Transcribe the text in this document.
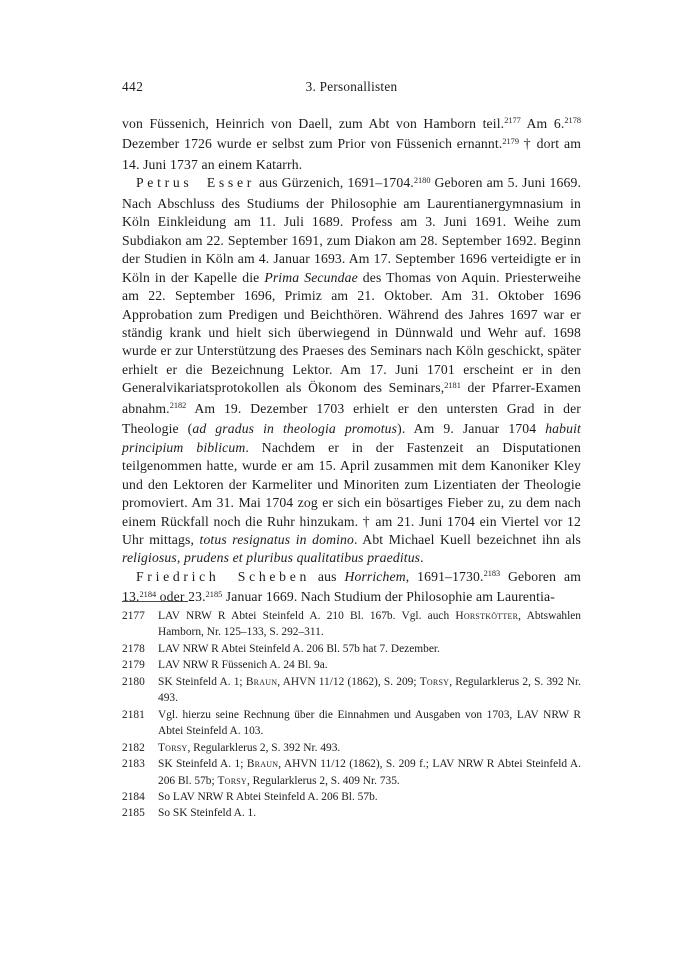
442	3. Personallisten

von Füssenich, Heinrich von Daell, zum Abt von Hamborn teil.$^{2177}$ Am 6.$^{2178}$ Dezember 1726 wurde er selbst zum Prior von Füssenich ernannt.$^{2179}$ † dort am 14. Juni 1737 an einem Katarrh.

Petrus Esser aus Gürzenich, 1691–1704.$^{2180}$ Geboren am 5. Juni 1669. Nach Abschluss des Studiums der Philosophie am Laurentianergymnasium in Köln Einkleidung am 11. Juli 1689. Profess am 3. Juni 1691. Weihe zum Subdiakon am 22. September 1691, zum Diakon am 28. September 1692. Beginn der Studien in Köln am 4. Januar 1693. Am 17. September 1696 verteidigte er in Köln in der Kapelle die Prima Secundae des Thomas von Aquin. Priesterweihe am 22. September 1696, Primiz am 21. Oktober. Am 31. Oktober 1696 Approbation zum Predigen und Beichthören. Während des Jahres 1697 war er ständig krank und hielt sich überwiegend in Dünnwald und Wehr auf. 1698 wurde er zur Unterstützung des Praeses des Seminars nach Köln geschickt, später erhielt er die Bezeichnung Lektor. Am 17. Juni 1701 erscheint er in den Generalvikariatsprotokollen als Ökonom des Seminars,$^{2181}$ der Pfarrer-Examen abnahm.$^{2182}$ Am 19. Dezember 1703 erhielt er den untersten Grad in der Theologie (ad gradus in theologia promotus). Am 9. Januar 1704 habuit principium biblicum. Nachdem er in der Fastenzeit an Disputationen teilgenommen hatte, wurde er am 15. April zusammen mit dem Kanoniker Kley und den Lektoren der Karmeliter und Minoriten zum Lizentiaten der Theologie promoviert. Am 31. Mai 1704 zog er sich ein bösartiges Fieber zu, zu dem nach einem Rückfall noch die Ruhr hinzukam. † am 21. Juni 1704 ein Viertel vor 12 Uhr mittags, totus resignatus in domino. Abt Michael Kuell bezeichnet ihn als religiosus, prudens et pluribus qualitatibus praeditus.

Friedrich Scheben aus Horrichem, 1691–1730.$^{2183}$ Geboren am 13.$^{2184}$ oder 23.$^{2185}$ Januar 1669. Nach Studium der Philosophie am Laurentia-

2177	LAV NRW R Abtei Steinfeld A. 210 Bl. 167b. Vgl. auch Horstkötter, Abtswahlen Hamborn, Nr. 125–133, S. 292–311.
2178	LAV NRW R Abtei Steinfeld A. 206 Bl. 57b hat 7. Dezember.
2179	LAV NRW R Füssenich A. 24 Bl. 9a.
2180	SK Steinfeld A. 1; Braun, AHVN 11/12 (1862), S. 209; Torsy, Regularklerus 2, S. 392 Nr. 493.
2181	Vgl. hierzu seine Rechnung über die Einnahmen und Ausgaben von 1703, LAV NRW R Abtei Steinfeld A. 103.
2182	Torsy, Regularklerus 2, S. 392 Nr. 493.
2183	SK Steinfeld A. 1; Braun, AHVN 11/12 (1862), S. 209 f.; LAV NRW R Abtei Steinfeld A. 206 Bl. 57b; Torsy, Regularklerus 2, S. 409 Nr. 735.
2184	So LAV NRW R Abtei Steinfeld A. 206 Bl. 57b.
2185	So SK Steinfeld A. 1.
